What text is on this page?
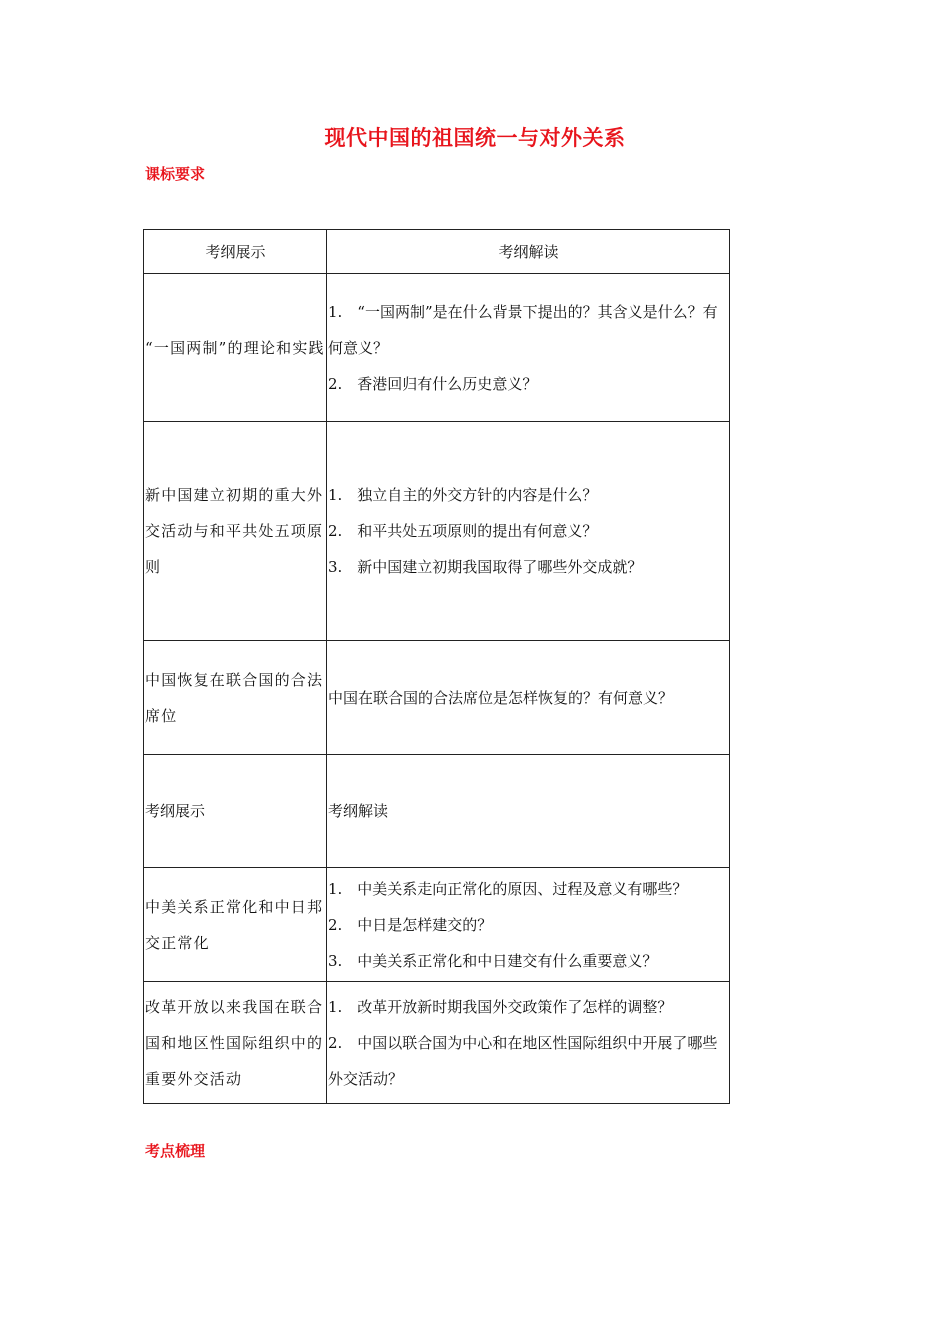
现代中国的祖国统一与对外关系
课标要求
考纲展示	考纲解读
“一国两制”的理论和实践	1.　“一国两制”是在什么背景下提出的？其含义是什么？有何意义？
2.　香港回归有什么历史意义？

新中国建立初期的重大外交活动与和平共处五项原则	1.　独立自主的外交方针的内容是什么？
2.　和平共处五项原则的提出有何意义？
3.　新中国建立初期我国取得了哪些外交成就？

中国恢复在联合国的合法席位	中国在联合国的合法席位是怎样恢复的？有何意义？

考纲展示	考纲解读

中美关系正常化和中日邦交正常化	1.　中美关系走向正常化的原因、过程及意义有哪些？
2.　中日是怎样建交的？
3.　中美关系正常化和中日建交有什么重要意义？

改革开放以来我国在联合国和地区性国际组织中的重要外交活动	1.　改革开放新时期我国外交政策作了怎样的调整？
2.　中国以联合国为中心和在地区性国际组织中开展了哪些外交活动？
考点梳理
